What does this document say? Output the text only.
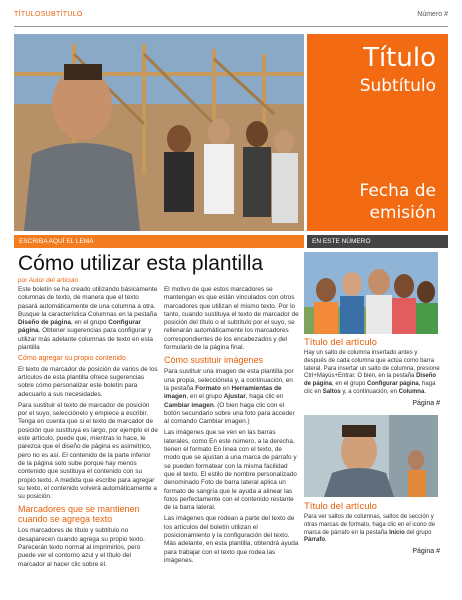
TÍTULOSUBTÍTULO	Número #
Título
Subtítulo
Fecha de
emisión
ESCRIBA AQUÍ EL LEMA	EN ESTE NÚMERO
Cómo utilizar esta plantilla
por Autor del artículo

Este boletín se ha creado utilizando básicamente columnas de texto, de manera que el texto pasará automáticamente de una columna a otra. Busque la característica Columnas en la pestaña Diseño de página, en el grupo Configurar página. Obtener sugerencias para configurar y utilizar más adelante columnas de texto en esta plantilla

Cómo agregar su propio contenido

El texto de marcador de posición de varios de los artículos de esta plantilla ofrece sugerencias sobre cómo personalizar este boletín para adecuarlo a sus necesidades.

Para sustituir el texto de marcador de posición por el suyo, selecciónelo y empiece a escribir. Tenga en cuenta que si el texto de marcador de posición que sustituya es largo, por ejemplo el de este artículo, puede que, mientras lo hace, le parezca que el diseño de página es asimétrico, pero no es así. El contenido de la parte inferior de la página solo sube porque hay menos contenido que sustituya el contenido con su propio texto. A medida que escribe para agregar su texto, el contenido volverá automáticamente a su posición.

Marcadores que se mantienen cuando se agrega texto

Los marcadores de título y subtítulo no desaparecen cuando agrega su propio texto. Parecerán texto normal al imprimirlos, pero puede ver el contorno azul y el título del marcador al hacer clic sobre él.

El motivo de que estos marcadores se mantengan es que están vinculados con otros marcadores que utilizan el mismo texto. Por lo tanto, cuando sustituya el texto de marcador de posición del título o el subtítulo por el suyo, se rellenarán automáticamente los marcadores correspondientes de los encabezados y del formulario de la página final.

Cómo sustituir imágenes

Para sustituir una imagen de esta plantilla por una propia, selecciónela y, a continuación, en la pestaña Formato en Herramientas de imagen, en el grupo Ajustar, haga clic en Cambiar imagen. (O bien haga clic con el botón secundario sobre una foto para acceder al comando Cambiar imagen.)

Las imágenes que se ven en las barras laterales, como En este número, a la derecha, tienen el formato En línea con el texto, de modo que se ajustan a una marca de párrafo y se pueden formatear con la misma facilidad que el texto. El estilo de nombre personalizado denominado Foto de barra lateral aplica un formato de sangría que le ayuda a alinear las fotos perfectamente con el contenido restante de la barra lateral.

Las imágenes que rodean a parte del texto de los artículos del boletín utilizan el posicionamiento y la configuración del texto. Más adelante, en esta plantilla, obtendrá ayuda para trabajar con el texto que rodea las imágenes.

Título del artículo
Hay un salto de columna insertado antes y después de cada columna que actúa como barra lateral. Para insertar un salto de columna, presione Ctrl+Mayús+Entrar. O bien, en la pestaña Diseño de página, en el grupo Configurar página, haga clic en Saltos y, a continuación, en Columna.
Página #
Título del artículo
Para ver saltos de columnas, saltos de sección y otras marcas de formato, haga clic en el icono de marca de párrafo en la pestaña Inicio del grupo Párrafo.
Página #
